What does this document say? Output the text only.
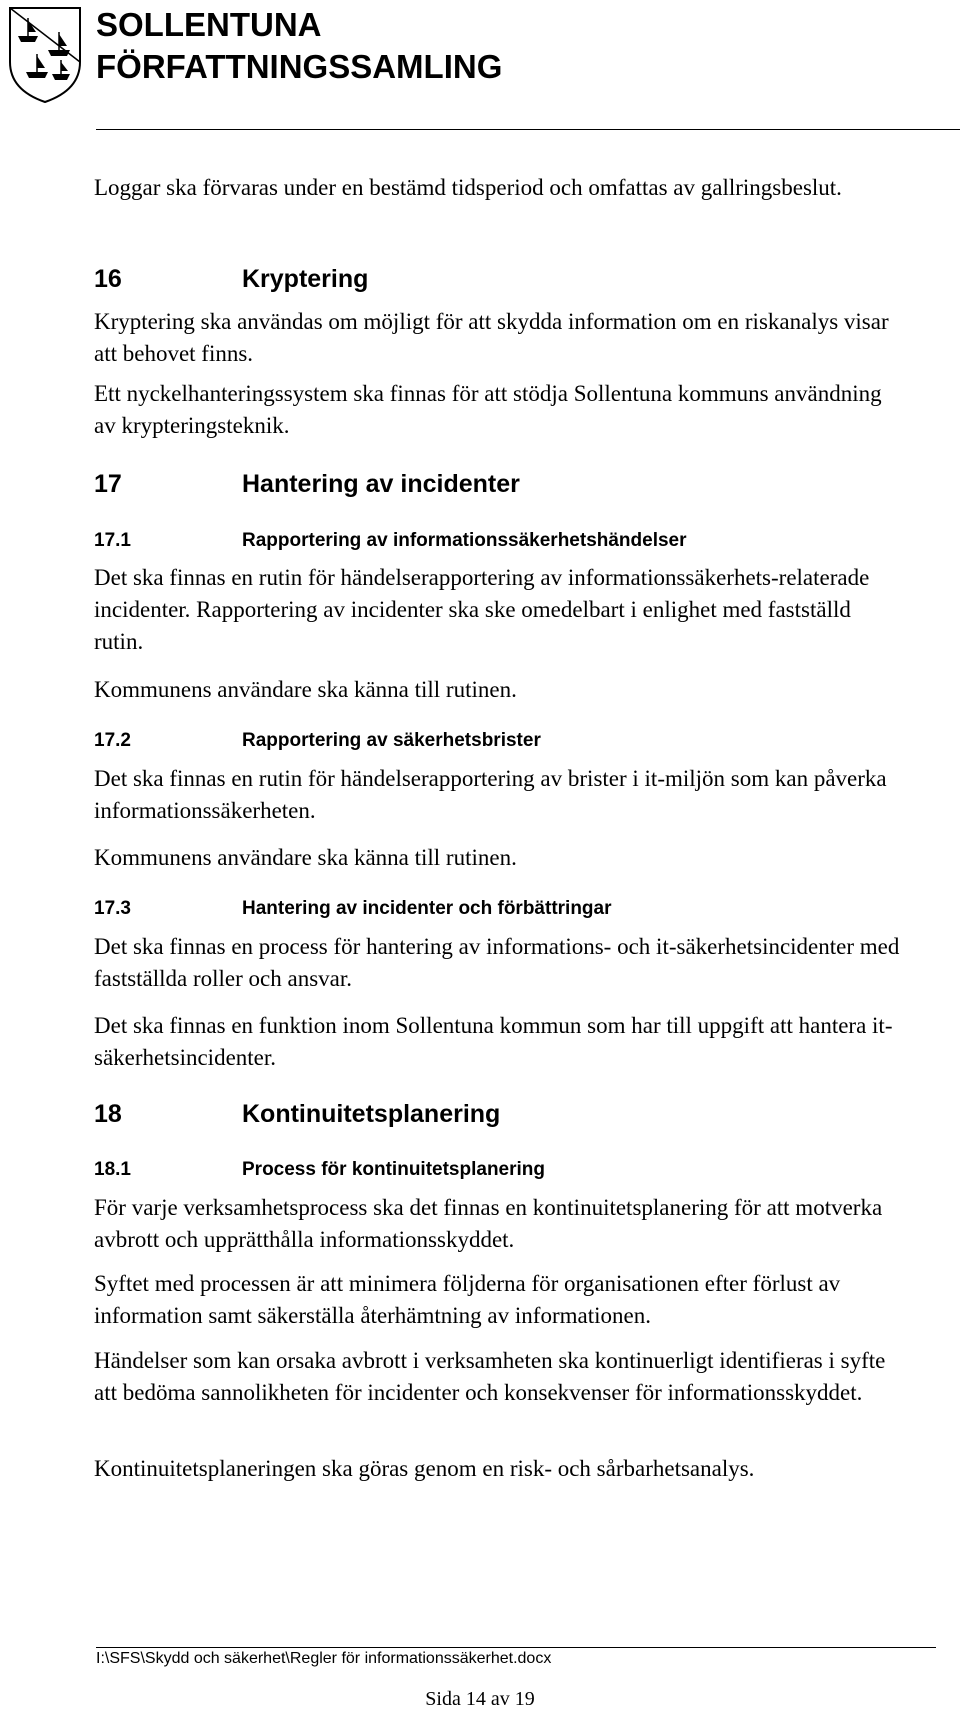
SOLLENTUNA
FÖRFATTNINGSSAMLING

Loggar ska förvaras under en bestämd tidsperiod och omfattas av gallringsbeslut.

16	Kryptering

Kryptering ska användas om möjligt för att skydda information om en riskanalys visar att behovet finns.

Ett nyckelhanteringssystem ska finnas för att stödja Sollentuna kommuns användning av krypteringsteknik.

17	Hantering av incidenter
17.1	Rapportering av informationssäkerhetshändelser

Det ska finnas en rutin för händelserapportering av informationssäkerhets-relaterade incidenter. Rapportering av incidenter ska ske omedelbart i enlighet med fastställd rutin.

Kommunens användare ska känna till rutinen.

17.2	Rapportering av säkerhetsbrister

Det ska finnas en rutin för händelserapportering av brister i it-miljön som kan påverka informationssäkerheten.

Kommunens användare ska känna till rutinen.

17.3	Hantering av incidenter och förbättringar

Det ska finnas en process för hantering av informations- och it-säkerhetsincidenter med fastställda roller och ansvar.

Det ska finnas en funktion inom Sollentuna kommun som har till uppgift att hantera it-säkerhetsincidenter.

18	Kontinuitetsplanering
18.1	Process för kontinuitetsplanering

För varje verksamhetsprocess ska det finnas en kontinuitetsplanering för att motverka avbrott och upprätthålla informationsskyddet.

Syftet med processen är att minimera följderna för organisationen efter förlust av information samt säkerställa återhämtning av informationen.

Händelser som kan orsaka avbrott i verksamheten ska kontinuerligt identifieras i syfte att bedöma sannolikheten för incidenter och konsekvenser för informationsskyddet.

Kontinuitetsplaneringen ska göras genom en risk- och sårbarhetsanalys.

I:\SFS\Skydd och säkerhet\Regler för informationssäkerhet.docx
Sida 14 av 19
